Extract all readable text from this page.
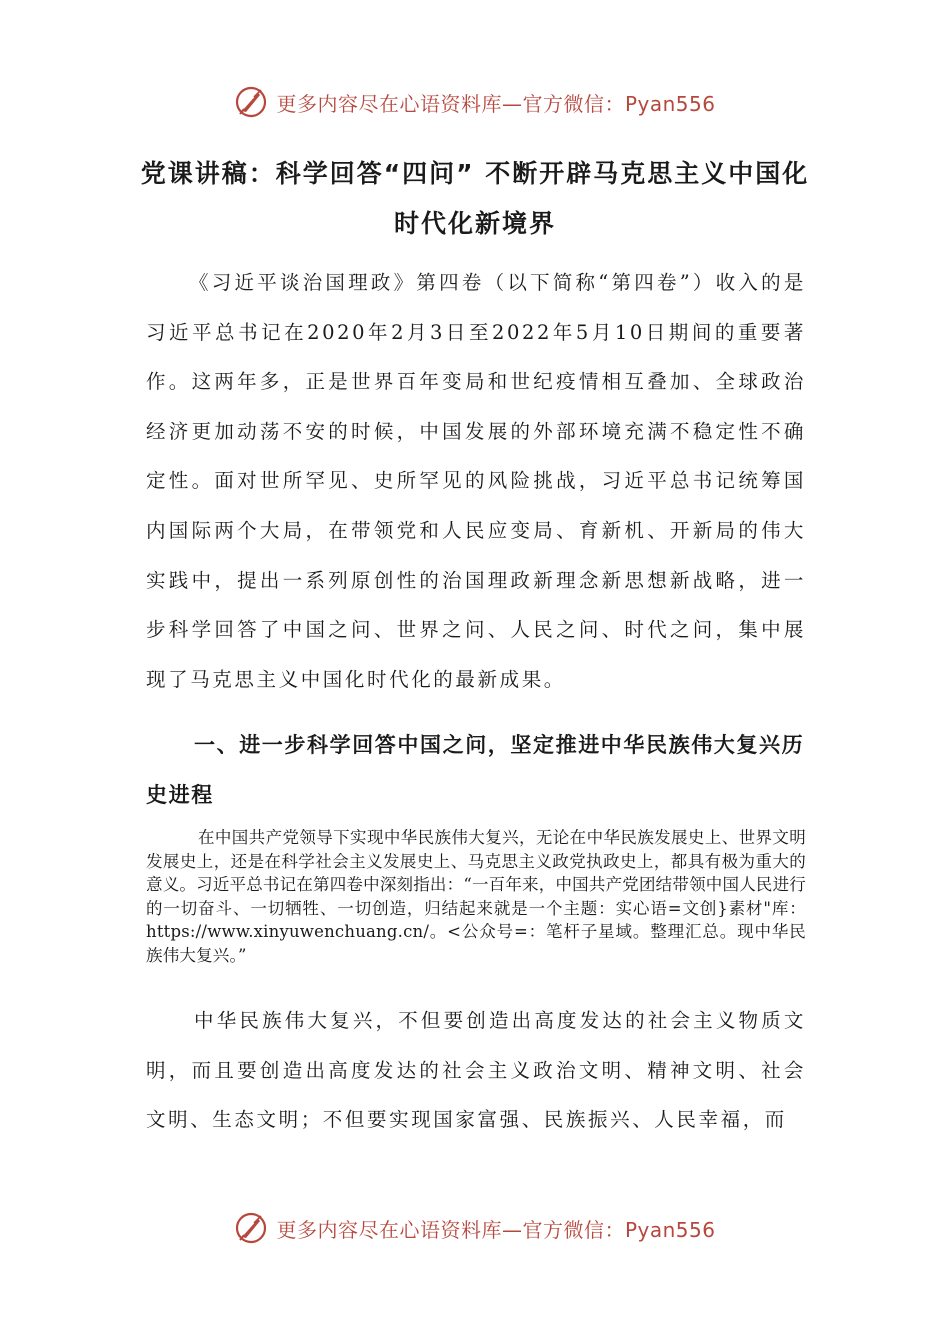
更多内容尽在心语资料库—官方微信：Pyan556
党课讲稿：科学回答“四问” 不断开辟马克思主义中国化
时代化新境界

《习近平谈治国理政》第四卷（以下简称“第四卷”）收入的是习近平总书记在2020年2月3日至2022年5月10日期间的重要著作。这两年多，正是世界百年变局和世纪疫情相互叠加、全球政治经济更加动荡不安的时候，中国发展的外部环境充满不稳定性不确定性。面对世所罕见、史所罕见的风险挑战，习近平总书记统筹国内国际两个大局，在带领党和人民应变局、育新机、开新局的伟大实践中，提出一系列原创性的治国理政新理念新思想新战略，进一步科学回答了中国之问、世界之问、人民之问、时代之问，集中展现了马克思主义中国化时代化的最新成果。

一、进一步科学回答中国之问，坚定推进中华民族伟大复兴历史进程

在中国共产党领导下实现中华民族伟大复兴，无论在中华民族发展史上、世界文明发展史上，还是在科学社会主义发展史上、马克思主义政党执政史上，都具有极为重大的意义。习近平总书记在第四卷中深刻指出：“一百年来，中国共产党团结带领中国人民进行的一切奋斗、一切牺牲、一切创造，归结起来就是一个主题：实心语=文创}素材"库：https://www.xinyuwenchuang.cn/。<公众号=：笔杆子星域。整理汇总。现中华民族伟大复兴。”

中华民族伟大复兴，不但要创造出高度发达的社会主义物质文明，而且要创造出高度发达的社会主义政治文明、精神文明、社会文明、生态文明；不但要实现国家富强、民族振兴、人民幸福，而

更多内容尽在心语资料库—官方微信：Pyan556
